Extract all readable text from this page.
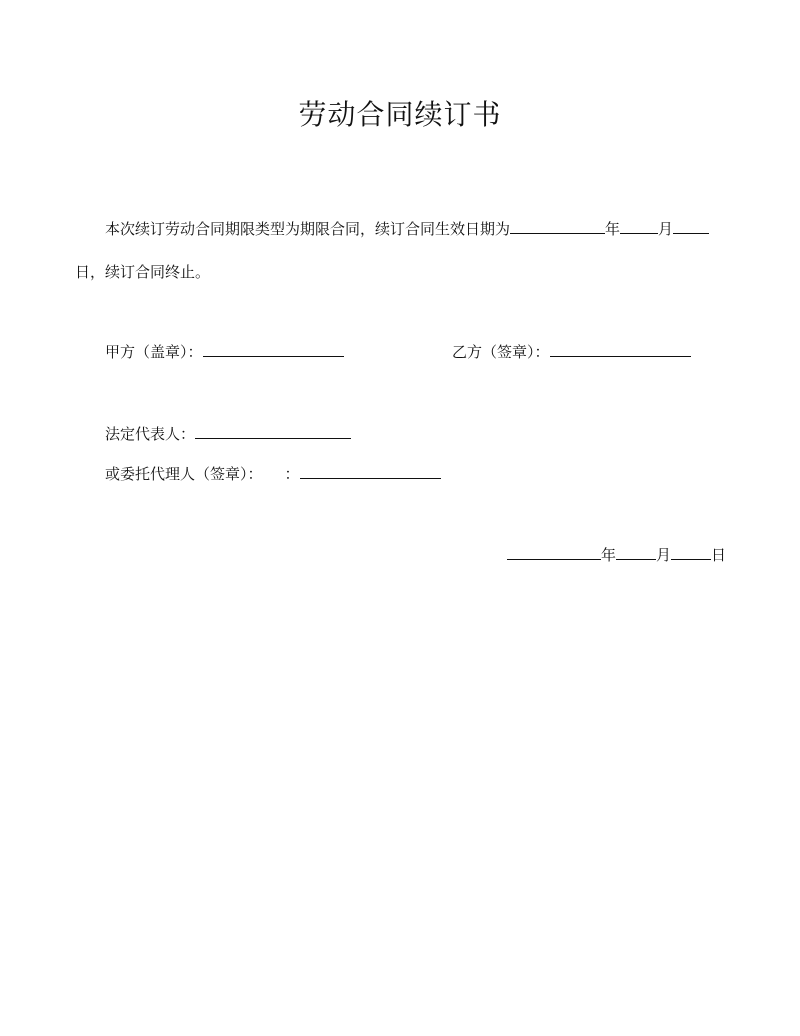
劳动合同续订书
本次续订劳动合同期限类型为期限合同，续订合同生效日期为	年	月
日，续订合同终止。
甲方（盖章）：	乙方（签章）：
法定代表人：
或委托代理人（签章）： ：
年	月	日
